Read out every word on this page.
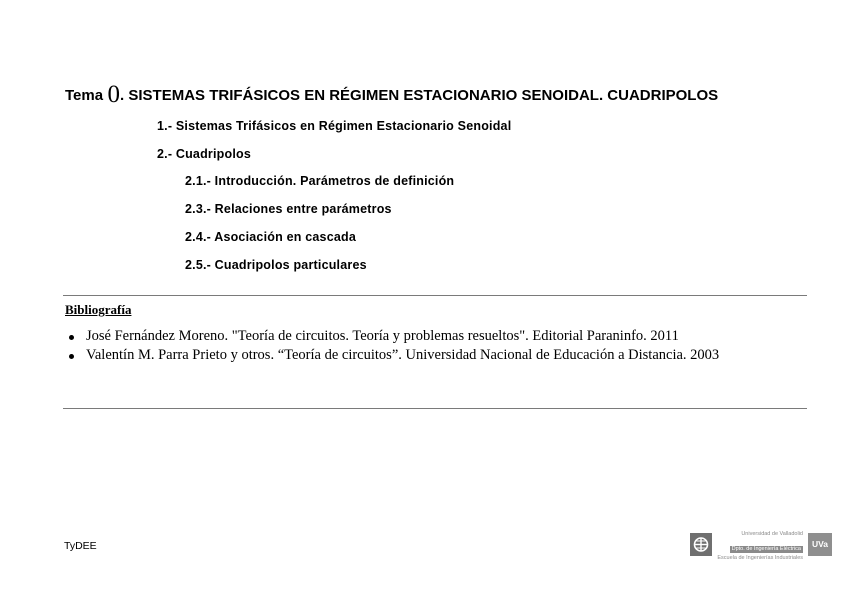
Tema 0. SISTEMAS TRIFÁSICOS EN RÉGIMEN ESTACIONARIO SENOIDAL. CUADRIPOLOS
1.- Sistemas Trifásicos en Régimen Estacionario Senoidal
2.- Cuadripolos
2.1.- Introducción. Parámetros de definición
2.3.- Relaciones entre parámetros
2.4.- Asociación en cascada
2.5.- Cuadripolos particulares
Bibliografía
José Fernández Moreno. "Teoría de circuitos. Teoría y problemas resueltos". Editorial Paraninfo. 2011
Valentín M. Parra Prieto y otros. “Teoría de circuitos”. Universidad Nacional de Educación a Distancia. 2003
TyDEE
Universidad de Valladolid
Dpto. de Ingeniería Eléctrica
Escuela de Ingenierías Industriales
UVa
